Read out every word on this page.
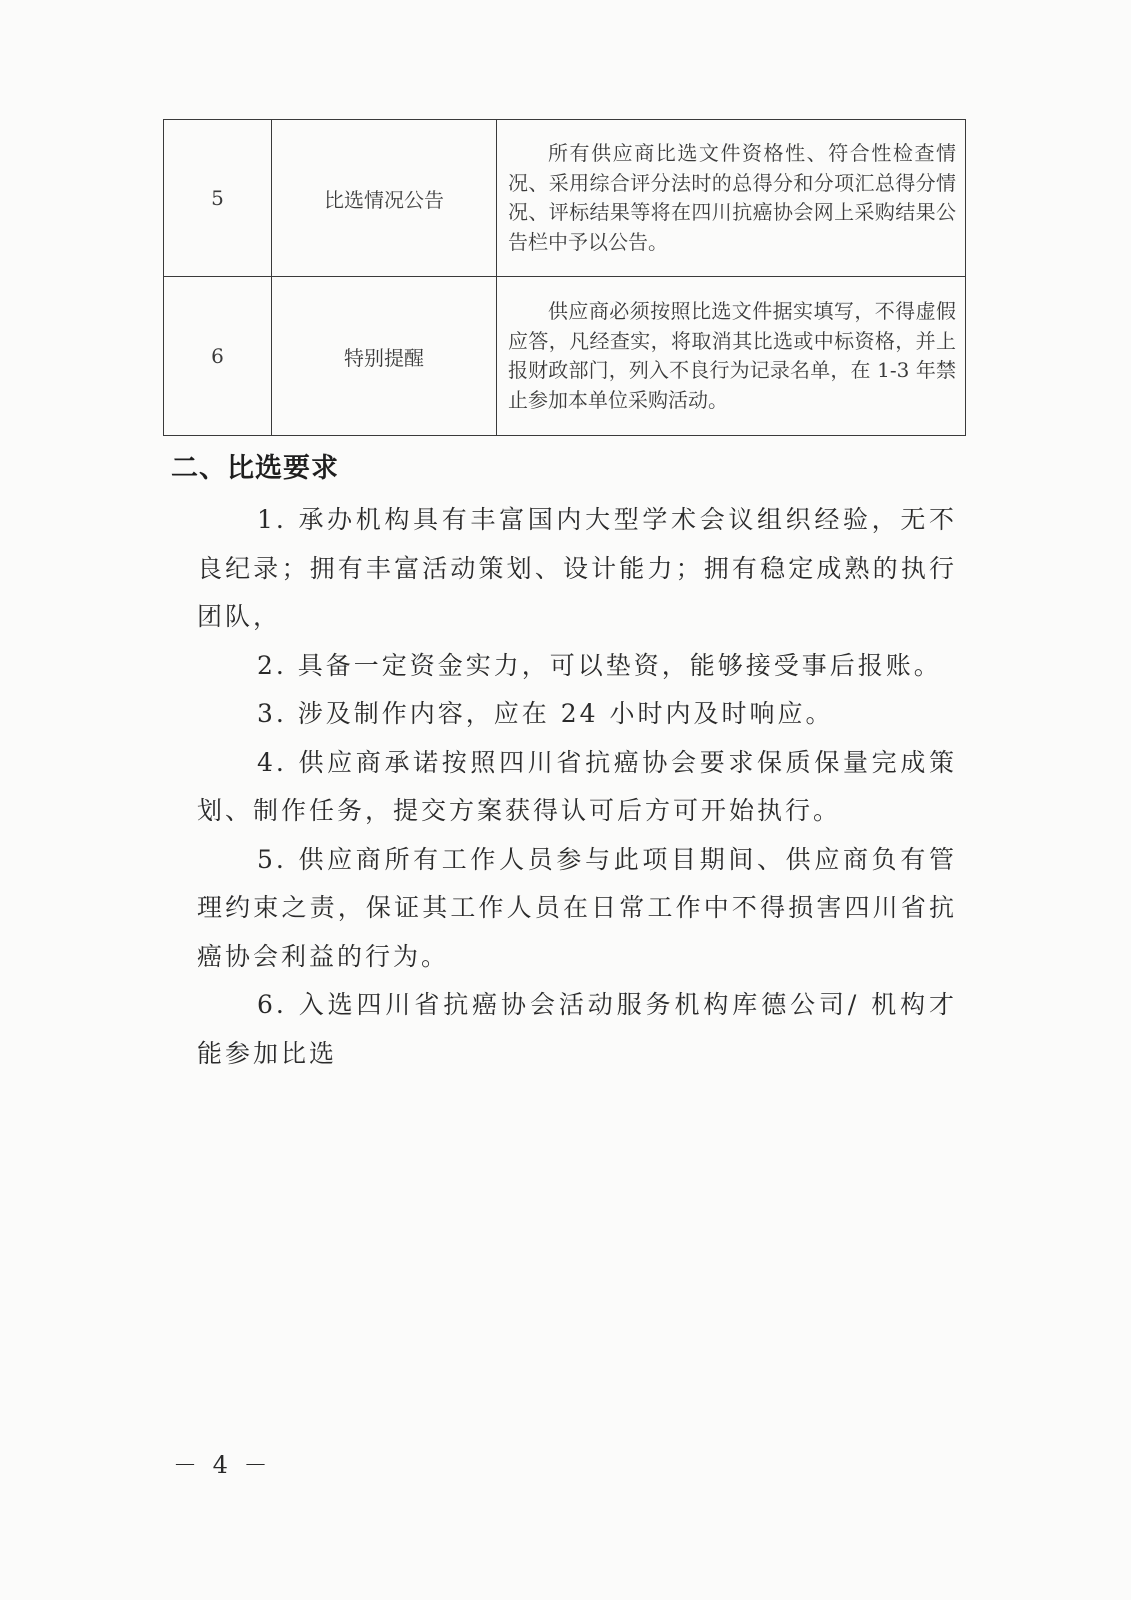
5	比选情况公告	所有供应商比选文件资格性、符合性检查情况、采用综合评分法时的总得分和分项汇总得分情况、评标结果等将在四川抗癌协会网上采购结果公告栏中予以公告。
6	特别提醒	供应商必须按照比选文件据实填写，不得虚假应答，凡经查实，将取消其比选或中标资格，并上报财政部门，列入不良行为记录名单，在 1-3 年禁止参加本单位采购活动。
二、比选要求

1. 承办机构具有丰富国内大型学术会议组织经验，无不良纪录；拥有丰富活动策划、设计能力；拥有稳定成熟的执行团队，

2. 具备一定资金实力，可以垫资，能够接受事后报账。

3. 涉及制作内容，应在 24 小时内及时响应。

4. 供应商承诺按照四川省抗癌协会要求保质保量完成策划、制作任务，提交方案获得认可后方可开始执行。

5. 供应商所有工作人员参与此项目期间、供应商负有管理约束之责，保证其工作人员在日常工作中不得损害四川省抗癌协会利益的行为。

6. 入选四川省抗癌协会活动服务机构库德公司/ 机构才能参加比选

－ 4 －
